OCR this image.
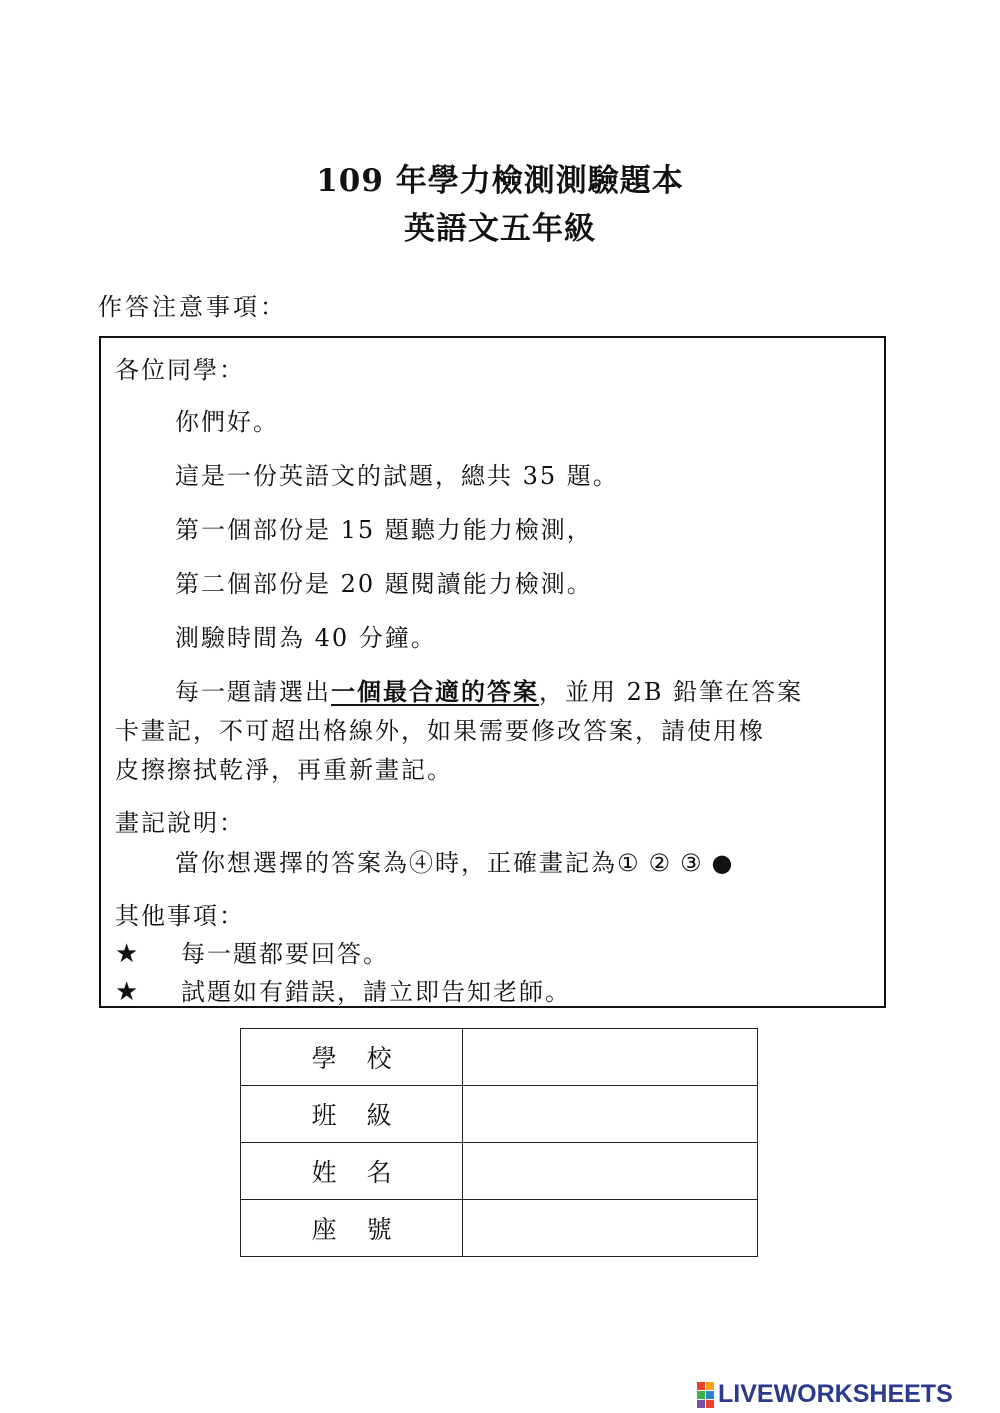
109 年學力檢測測驗題本
英語文五年級
作答注意事項：
各位同學：
你們好。
這是一份英語文的試題，總共 35 題。
第一個部份是 15 題聽力能力檢測，
第二個部份是 20 題閱讀能力檢測。
測驗時間為 40 分鐘。
每一題請選出一個最合適的答案，並用 2B 鉛筆在答案
卡畫記，不可超出格線外，如果需要修改答案，請使用橡
皮擦擦拭乾淨，再重新畫記。
畫記說明：
當你想選擇的答案為④時，正確畫記為① ② ③ ●
其他事項：
★ 每一題都要回答。
★ 試題如有錯誤，請立即告知老師。
學校	
班級	
姓名	
座號	
LIVEWORKSHEETS
